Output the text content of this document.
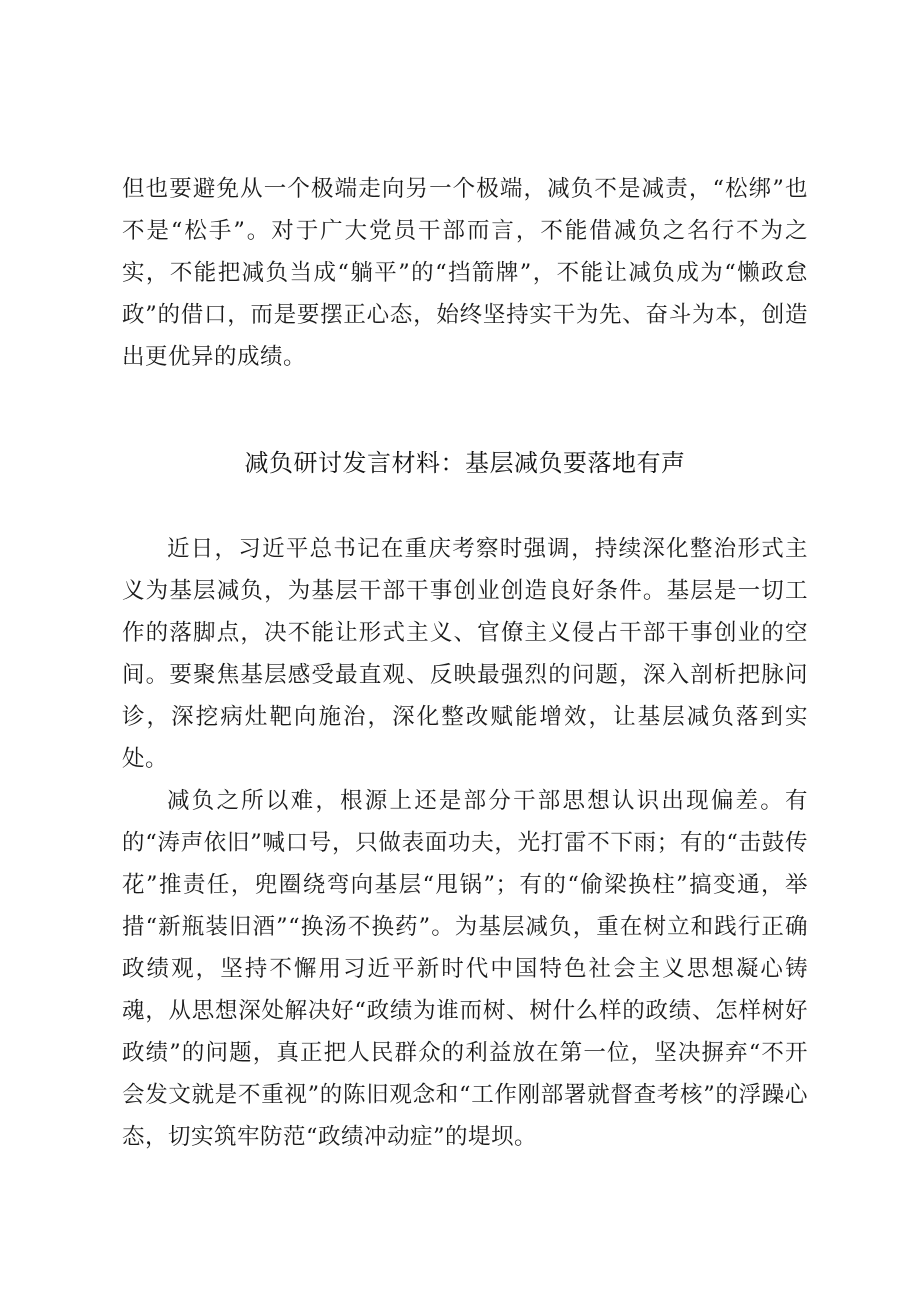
但也要避免从一个极端走向另一个极端，减负不是减责，“松绑”也不是“松手”。对于广大党员干部而言，不能借减负之名行不为之实，不能把减负当成“躺平”的“挡箭牌”，不能让减负成为“懒政怠政”的借口，而是要摆正心态，始终坚持实干为先、奋斗为本，创造出更优异的成绩。

减负研讨发言材料：基层减负要落地有声

近日，习近平总书记在重庆考察时强调，持续深化整治形式主义为基层减负，为基层干部干事创业创造良好条件。基层是一切工作的落脚点，决不能让形式主义、官僚主义侵占干部干事创业的空间。要聚焦基层感受最直观、反映最强烈的问题，深入剖析把脉问诊，深挖病灶靶向施治，深化整改赋能增效，让基层减负落到实处。

减负之所以难，根源上还是部分干部思想认识出现偏差。有的“涛声依旧”喊口号，只做表面功夫，光打雷不下雨；有的“击鼓传花”推责任，兜圈绕弯向基层“甩锅”；有的“偷梁换柱”搞变通，举措“新瓶装旧酒”“换汤不换药”。为基层减负，重在树立和践行正确政绩观，坚持不懈用习近平新时代中国特色社会主义思想凝心铸魂，从思想深处解决好“政绩为谁而树、树什么样的政绩、怎样树好政绩”的问题，真正把人民群众的利益放在第一位，坚决摒弃“不开会发文就是不重视”的陈旧观念和“工作刚部署就督查考核”的浮躁心态，切实筑牢防范“政绩冲动症”的堤坝。
